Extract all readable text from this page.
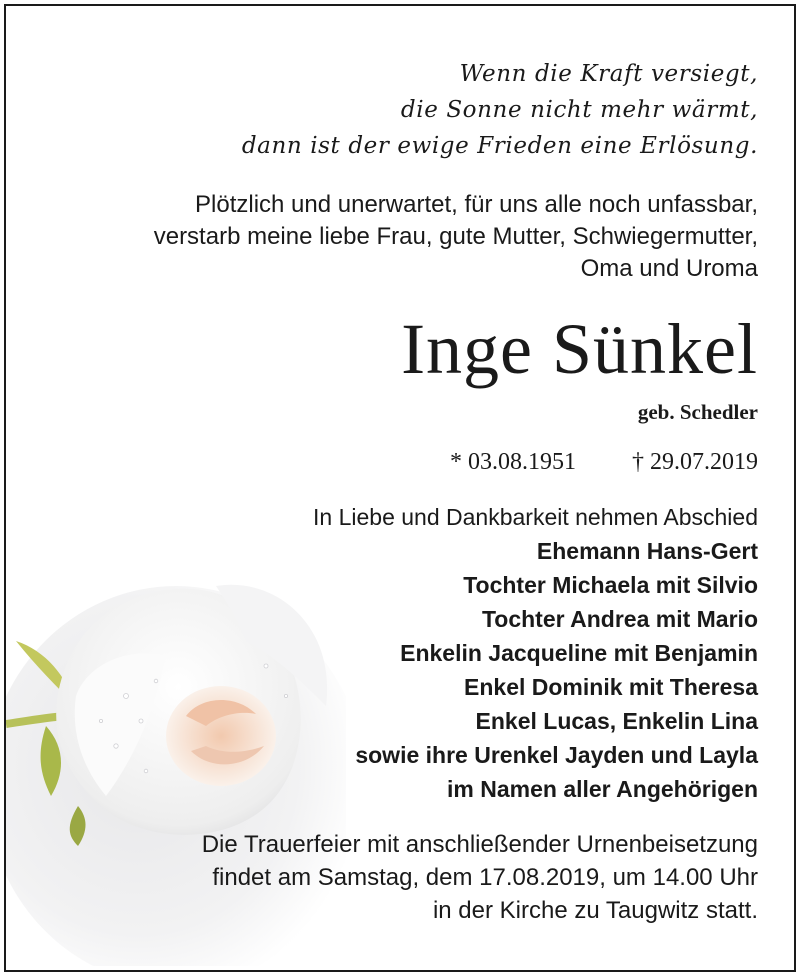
Wenn die Kraft versiegt,
die Sonne nicht mehr wärmt,
dann ist der ewige Frieden eine Erlösung.
Plötzlich und unerwartet, für uns alle noch unfassbar,
verstarb meine liebe Frau, gute Mutter, Schwiegermutter,
Oma und Uroma
Inge Sünkel
geb. Schedler
* 03.08.1951 † 29.07.2019
In Liebe und Dankbarkeit nehmen Abschied
Ehemann Hans-Gert
Tochter Michaela mit Silvio
Tochter Andrea mit Mario
Enkelin Jacqueline mit Benjamin
Enkel Dominik mit Theresa
Enkel Lucas, Enkelin Lina
sowie ihre Urenkel Jayden und Layla
im Namen aller Angehörigen
Die Trauerfeier mit anschließender Urnenbeisetzung
findet am Samstag, dem 17.08.2019, um 14.00 Uhr
in der Kirche zu Taugwitz statt.
